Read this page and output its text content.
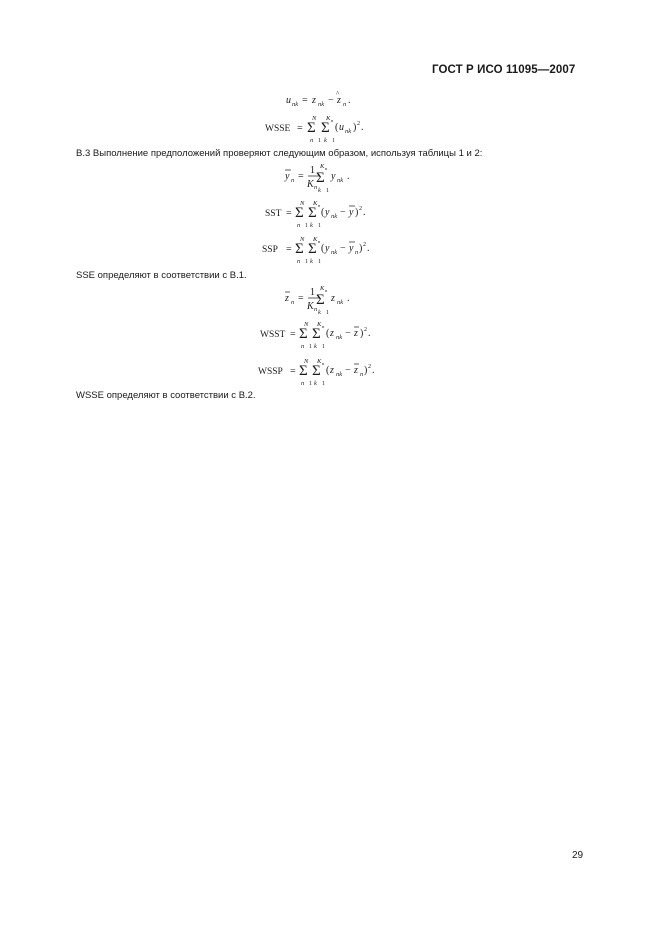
ГОСТ Р ИСО 11095—2007
u nk = z nk − z
^
n .
WSSE =
N
Σ
n 1
K n
Σ
k 1
( u nk ) 2 .
B.3 Выполнение предположений проверяют следующим образом, используя таблицы 1 и 2:
y n =
1
K n
K n
Σ
k 1
y nk .
SST =
N
Σ
n 1
K n
Σ
k 1
( y nk − y ) 2 .
SSP =
N
Σ
n 1
K n
Σ
k 1
( y nk − y n ) 2 .
SSE определяют в соответствии с B.1.
z n =
1
K n
K n
Σ
k 1
z nk .
WSST =
N
Σ
n 1
K n
Σ
k 1
( z nk − z ) 2 .
WSSP =
N
Σ
n 1
K n
Σ
k 1
( z nk − z n ) 2 .
WSSE определяют в соответствии с B.2.
29
